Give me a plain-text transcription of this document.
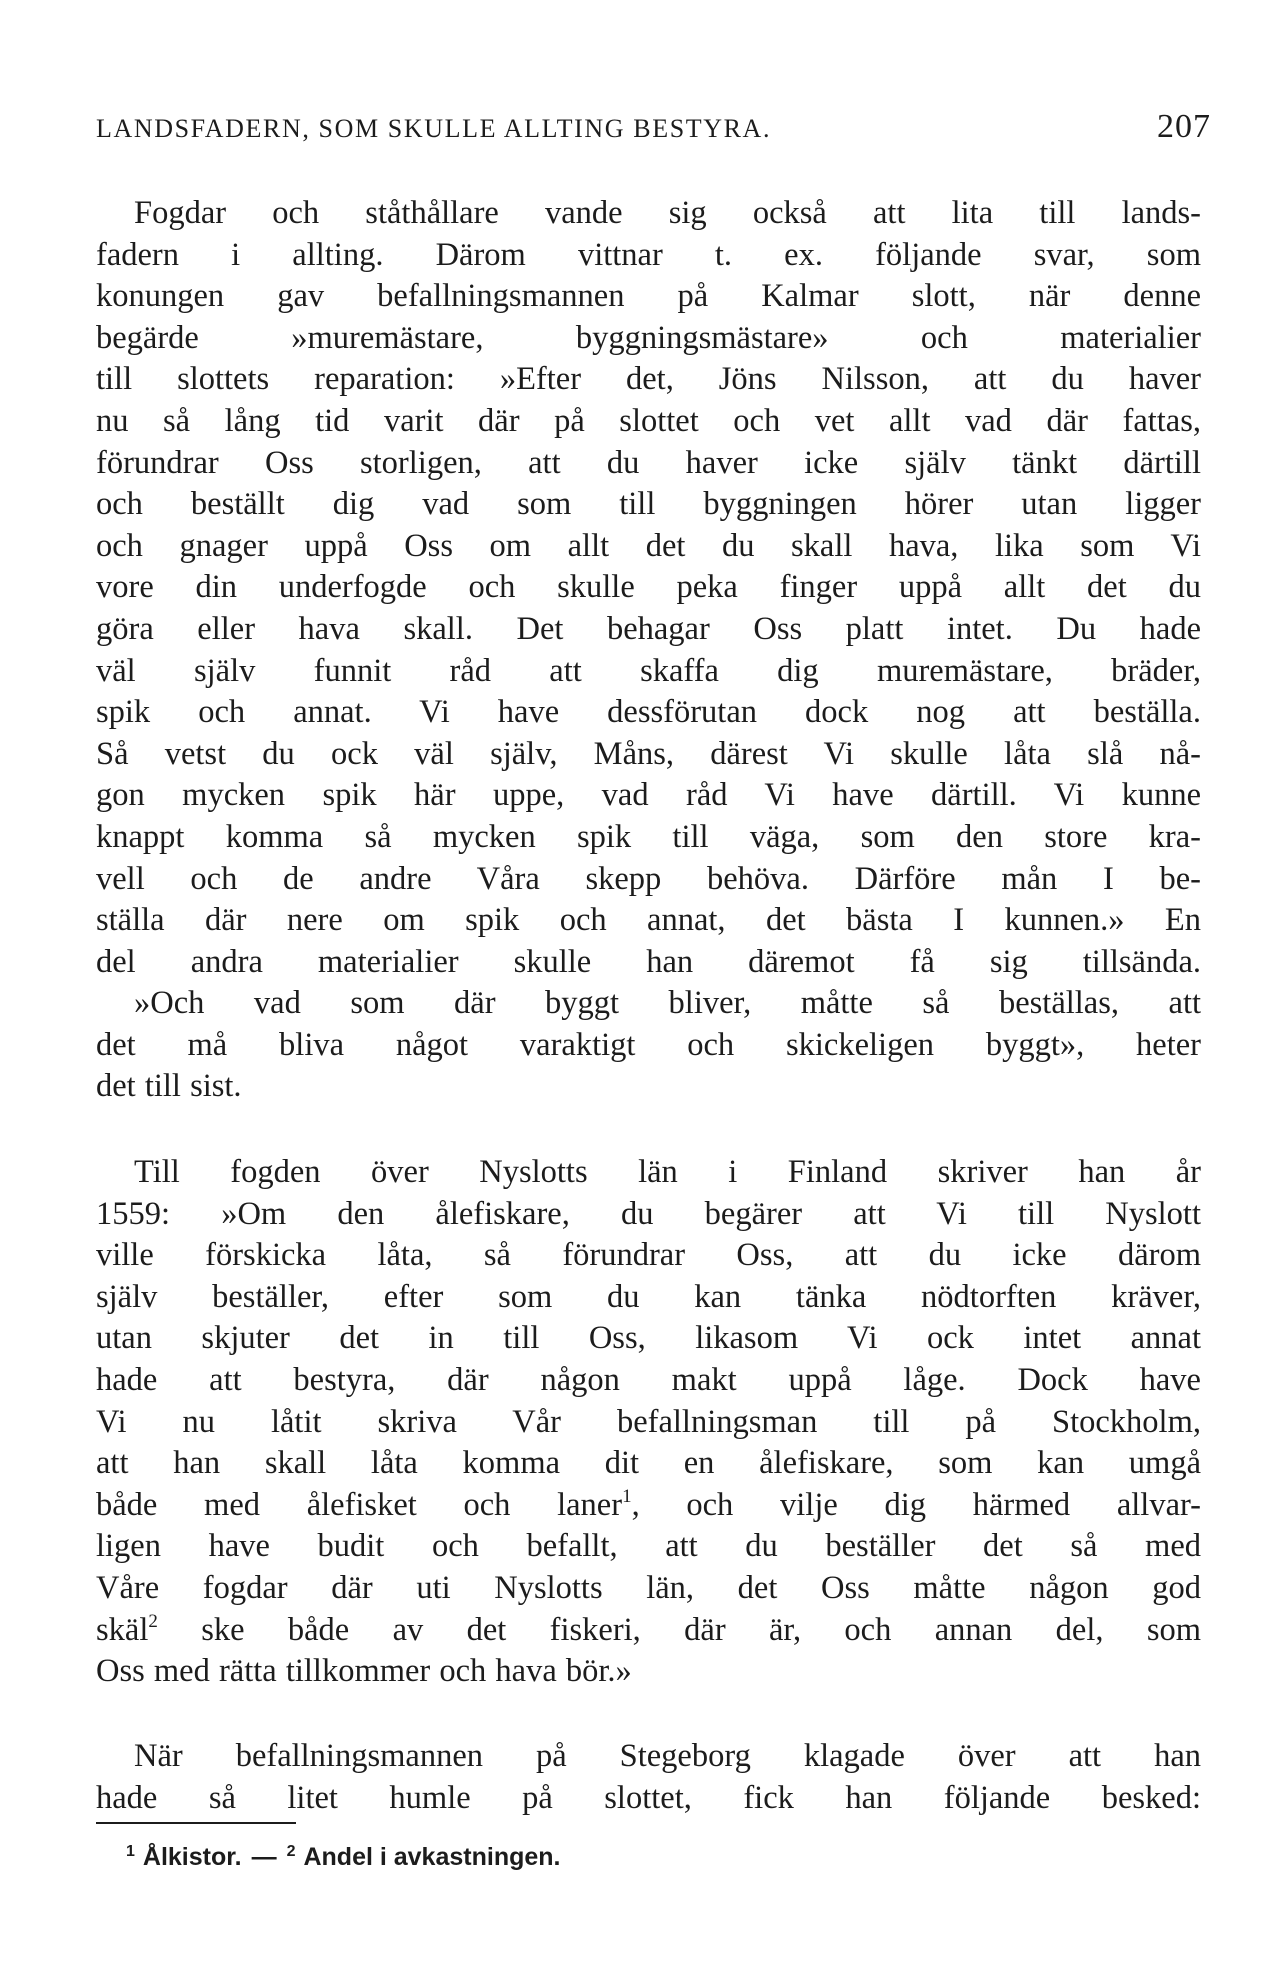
LANDSFADERN, SOM SKULLE ALLTING BESTYRA.	207
Fogdar och ståthållare vande sig också att lita till lands-
fadern i allting. Därom vittnar t. ex. följande svar, som
konungen gav befallningsmannen på Kalmar slott, när denne
begärde »muremästare, byggningsmästare» och materialier
till slottets reparation: »Efter det, Jöns Nilsson, att du haver
nu så lång tid varit där på slottet och vet allt vad där fattas,
förundrar Oss storligen, att du haver icke själv tänkt därtill
och beställt dig vad som till byggningen hörer utan ligger
och gnager uppå Oss om allt det du skall hava, lika som Vi
vore din underfogde och skulle peka finger uppå allt det du
göra eller hava skall. Det behagar Oss platt intet. Du hade
väl själv funnit råd att skaffa dig muremästare, bräder,
spik och annat. Vi have dessförutan dock nog att beställa.
Så vetst du ock väl själv, Måns, därest Vi skulle låta slå nå-
gon mycken spik här uppe, vad råd Vi have därtill. Vi kunne
knappt komma så mycken spik till väga, som den store kra-
vell och de andre Våra skepp behöva. Därföre mån I be-
ställa där nere om spik och annat, det bästa I kunnen.» En
del andra materialier skulle han däremot få sig tillsända.
»Och vad som där byggt bliver, måtte så beställas, att
det må bliva något varaktigt och skickeligen byggt», heter
det till sist.
Till fogden över Nyslotts län i Finland skriver han år
1559: »Om den ålefiskare, du begärer att Vi till Nyslott
ville förskicka låta, så förundrar Oss, att du icke därom
själv beställer, efter som du kan tänka nödtorften kräver,
utan skjuter det in till Oss, likasom Vi ock intet annat
hade att bestyra, där någon makt uppå låge. Dock have
Vi nu låtit skriva Vår befallningsman till på Stockholm,
att han skall låta komma dit en ålefiskare, som kan umgå
både med ålefisket och laner$^1$, och vilje dig härmed allvar-
ligen have budit och befallt, att du beställer det så med
Våre fogdar där uti Nyslotts län, det Oss måtte någon god
skäl$^2$ ske både av det fiskeri, där är, och annan del, som
Oss med rätta tillkommer och hava bör.»
När befallningsmannen på Stegeborg klagade över att han
hade så litet humle på slottet, fick han följande besked:
$^1$ Ålkistor. — $^2$ Andel i avkastningen.
